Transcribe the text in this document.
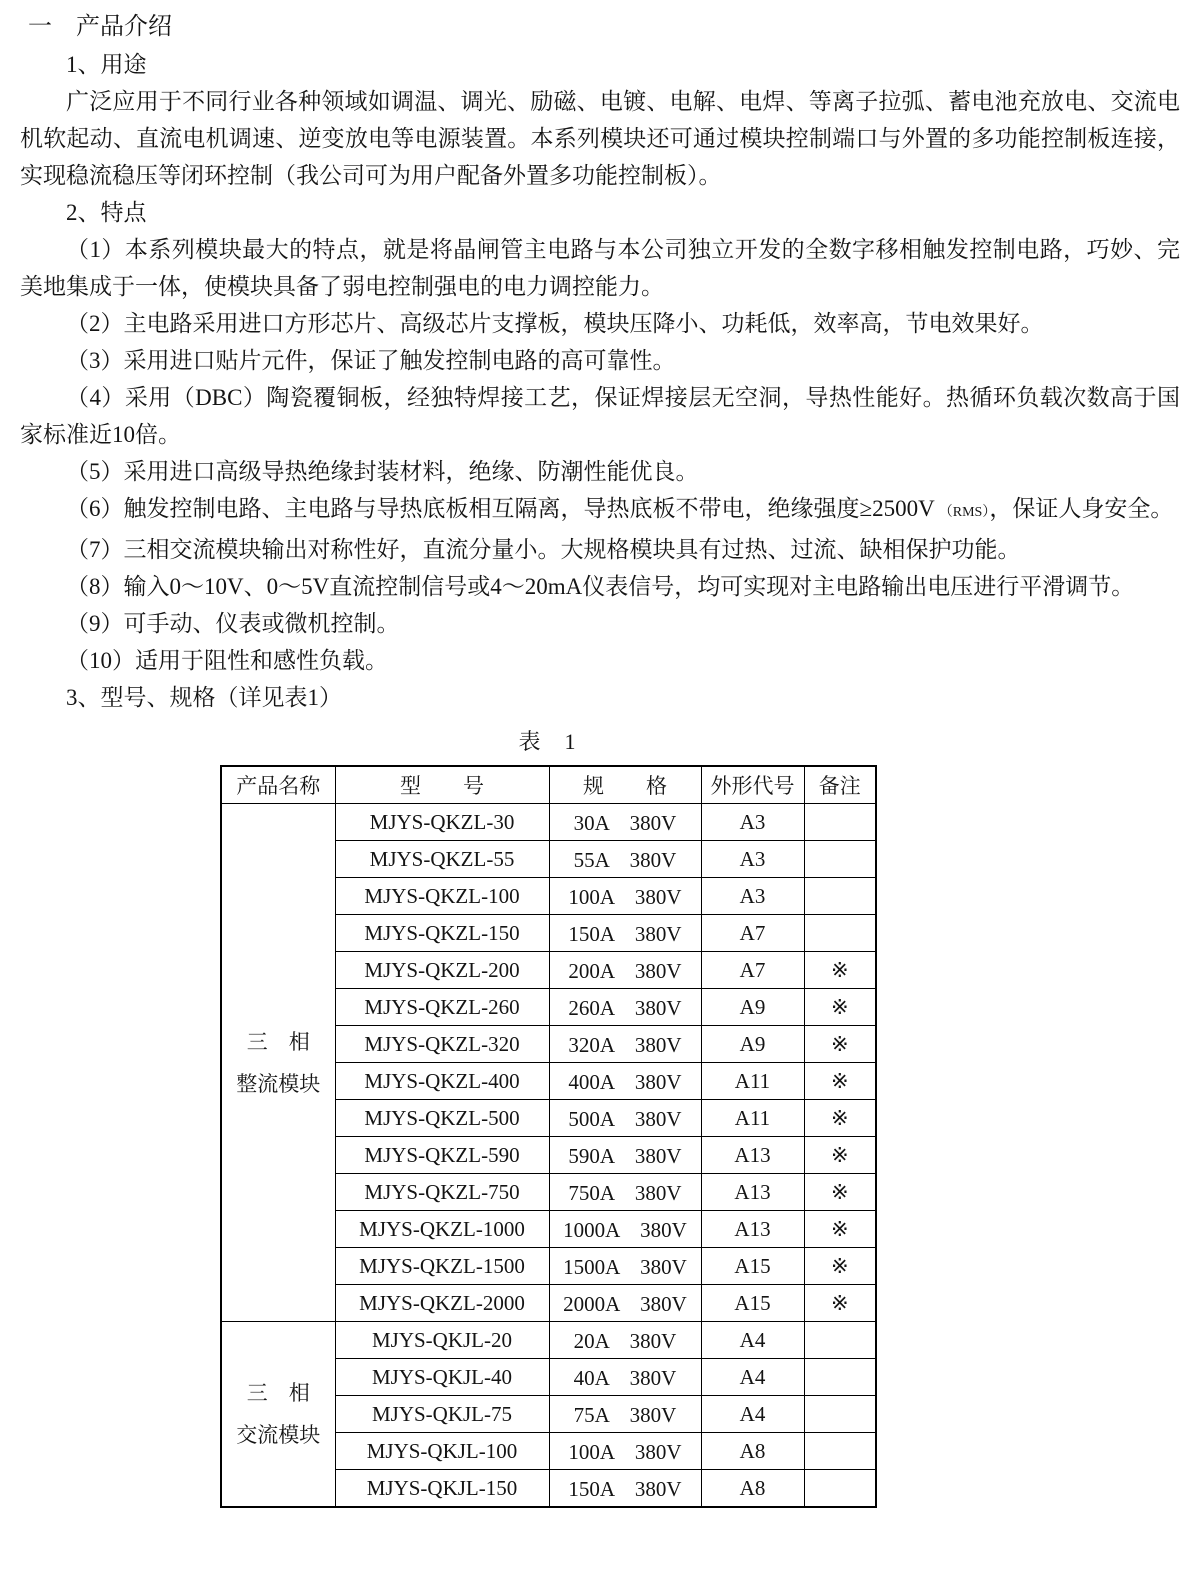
一　产品介绍

1、用途

广泛应用于不同行业各种领域如调温、调光、励磁、电镀、电解、电焊、等离子拉弧、蓄电池充放电、交流电机软起动、直流电机调速、逆变放电等电源装置。本系列模块还可通过模块控制端口与外置的多功能控制板连接，实现稳流稳压等闭环控制（我公司可为用户配备外置多功能控制板）。

2、特点

（1）本系列模块最大的特点，就是将晶闸管主电路与本公司独立开发的全数字移相触发控制电路，巧妙、完美地集成于一体，使模块具备了弱电控制强电的电力调控能力。

（2）主电路采用进口方形芯片、高级芯片支撑板，模块压降小、功耗低，效率高，节电效果好。

（3）采用进口贴片元件，保证了触发控制电路的高可靠性。

（4）采用（DBC）陶瓷覆铜板，经独特焊接工艺，保证焊接层无空洞，导热性能好。热循环负载次数高于国家标准近10倍。

（5）采用进口高级导热绝缘封装材料，绝缘、防潮性能优良。

（6）触发控制电路、主电路与导热底板相互隔离，导热底板不带电，绝缘强度≥2500V （RMS），保证人身安全。

（7）三相交流模块输出对称性好，直流分量小。大规格模块具有过热、过流、缺相保护功能。

（8）输入0～10V、0～5V直流控制信号或4～20mA仪表信号，均可实现对主电路输出电压进行平滑调节。

（9）可手动、仪表或微机控制。

（10）适用于阻性和感性负载。

3、型号、规格（详见表1）

表　1
产品名称	型　　号	规　　格	外形代号	备注

三　相
整流模块	MJYS-QKZL-30	30A　380V	A3	
	MJYS-QKZL-55	55A　380V	A3	
	MJYS-QKZL-100	100A　380V	A3	
	MJYS-QKZL-150	150A　380V	A7	
	MJYS-QKZL-200	200A　380V	A7	※
	MJYS-QKZL-260	260A　380V	A9	※
	MJYS-QKZL-320	320A　380V	A9	※
	MJYS-QKZL-400	400A　380V	A11	※
	MJYS-QKZL-500	500A　380V	A11	※
	MJYS-QKZL-590	590A　380V	A13	※
	MJYS-QKZL-750	750A　380V	A13	※
	MJYS-QKZL-1000	1000A　380V	A13	※
	MJYS-QKZL-1500	1500A　380V	A15	※
	MJYS-QKZL-2000	2000A　380V	A15	※

三　相
交流模块	MJYS-QKJL-20	20A　380V	A4	
	MJYS-QKJL-40	40A　380V	A4	
	MJYS-QKJL-75	75A　380V	A4	
	MJYS-QKJL-100	100A　380V	A8	
	MJYS-QKJL-150	150A　380V	A8	
